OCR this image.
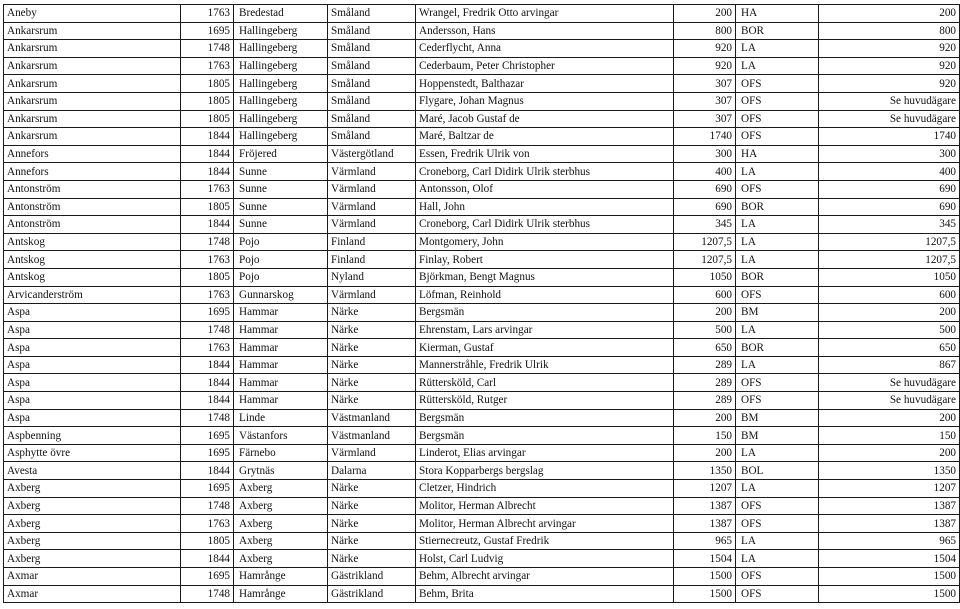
Aneby	1763	Bredestad	Småland	Wrangel, Fredrik Otto arvingar	200	HA	200
Ankarsrum	1695	Hallingeberg	Småland	Andersson, Hans	800	BOR	800
Ankarsrum	1748	Hallingeberg	Småland	Cederflycht, Anna	920	LA	920
Ankarsrum	1763	Hallingeberg	Småland	Cederbaum, Peter Christopher	920	LA	920
Ankarsrum	1805	Hallingeberg	Småland	Hoppenstedt, Balthazar	307	OFS	920
Ankarsrum	1805	Hallingeberg	Småland	Flygare, Johan Magnus	307	OFS	Se huvudägare
Ankarsrum	1805	Hallingeberg	Småland	Maré, Jacob Gustaf de	307	OFS	Se huvudägare
Ankarsrum	1844	Hallingeberg	Småland	Maré, Baltzar de	1740	OFS	1740
Annefors	1844	Fröjered	Västergötland	Essen, Fredrik Ulrik von	300	HA	300
Annefors	1844	Sunne	Värmland	Croneborg, Carl Didirk Ulrik sterbhus	400	LA	400
Antonström	1763	Sunne	Värmland	Antonsson, Olof	690	OFS	690
Antonström	1805	Sunne	Värmland	Hall, John	690	BOR	690
Antonström	1844	Sunne	Värmland	Croneborg, Carl Didirk Ulrik sterbhus	345	LA	345
Antskog	1748	Pojo	Finland	Montgomery, John	1207,5	LA	1207,5
Antskog	1763	Pojo	Finland	Finlay, Robert	1207,5	LA	1207,5
Antskog	1805	Pojo	Nyland	Björkman, Bengt Magnus	1050	BOR	1050
Arvicanderström	1763	Gunnarskog	Värmland	Löfman, Reinhold	600	OFS	600
Aspa	1695	Hammar	Närke	Bergsmän	200	BM	200
Aspa	1748	Hammar	Närke	Ehrenstam, Lars arvingar	500	LA	500
Aspa	1763	Hammar	Närke	Kierman, Gustaf	650	BOR	650
Aspa	1844	Hammar	Närke	Mannerstråhle, Fredrik Ulrik	289	LA	867
Aspa	1844	Hammar	Närke	Rüttersköld, Carl	289	OFS	Se huvudägare
Aspa	1844	Hammar	Närke	Rüttersköld, Rutger	289	OFS	Se huvudägare
Aspa	1748	Linde	Västmanland	Bergsmän	200	BM	200
Aspbenning	1695	Västanfors	Västmanland	Bergsmän	150	BM	150
Asphytte övre	1695	Färnebo	Värmland	Linderot, Elias arvingar	200	LA	200
Avesta	1844	Grytnäs	Dalarna	Stora Kopparbergs bergslag	1350	BOL	1350
Axberg	1695	Axberg	Närke	Cletzer, Hindrich	1207	LA	1207
Axberg	1748	Axberg	Närke	Molitor, Herman Albrecht	1387	OFS	1387
Axberg	1763	Axberg	Närke	Molitor, Herman Albrecht arvingar	1387	OFS	1387
Axberg	1805	Axberg	Närke	Stiernecreutz, Gustaf Fredrik	965	LA	965
Axberg	1844	Axberg	Närke	Holst, Carl Ludvig	1504	LA	1504
Axmar	1695	Hamrånge	Gästrikland	Behm, Albrecht arvingar	1500	OFS	1500
Axmar	1748	Hamrånge	Gästrikland	Behm, Brita	1500	OFS	1500
